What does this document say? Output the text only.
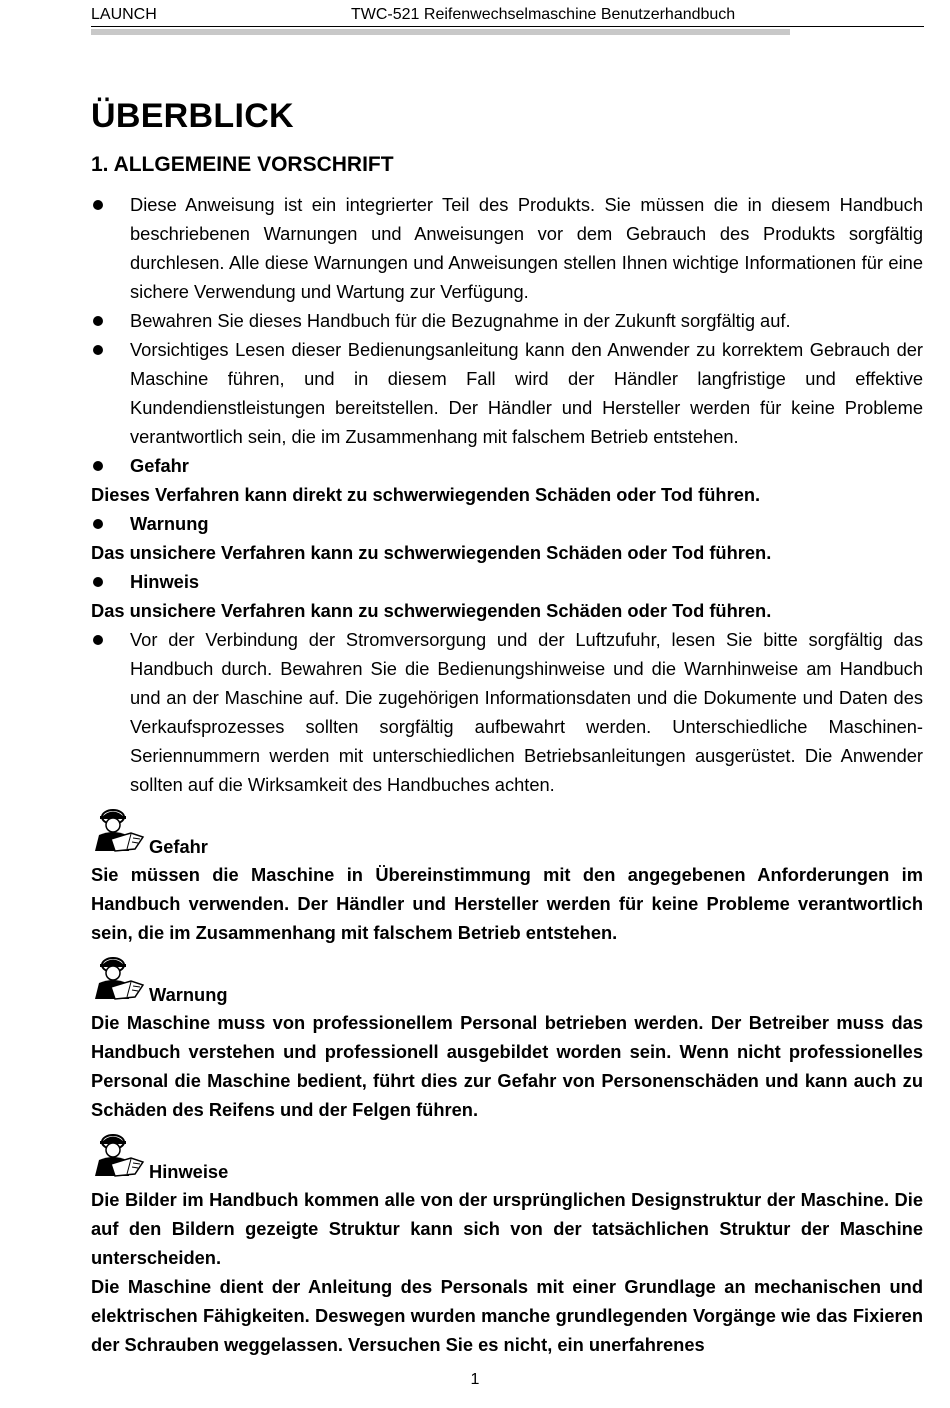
LAUNCH	TWC-521 Reifenwechselmaschine Benutzerhandbuch
ÜBERBLICK
1. ALLGEMEINE VORSCHRIFT
Diese Anweisung ist ein integrierter Teil des Produkts. Sie müssen die in diesem Handbuch beschriebenen Warnungen und Anweisungen vor dem Gebrauch des Produkts sorgfältig durchlesen. Alle diese Warnungen und Anweisungen stellen Ihnen wichtige Informationen für eine sichere Verwendung und Wartung zur Verfügung.
Bewahren Sie dieses Handbuch für die Bezugnahme in der Zukunft sorgfältig auf.
Vorsichtiges Lesen dieser Bedienungsanleitung kann den Anwender zu korrektem Gebrauch der Maschine führen, und in diesem Fall wird der Händler langfristige und effektive Kundendienstleistungen bereitstellen. Der Händler und Hersteller werden für keine Probleme verantwortlich sein, die im Zusammenhang mit falschem Betrieb entstehen.
Gefahr
Dieses Verfahren kann direkt zu schwerwiegenden Schäden oder Tod führen.
Warnung
Das unsichere Verfahren kann zu schwerwiegenden Schäden oder Tod führen.
Hinweis
Das unsichere Verfahren kann zu schwerwiegenden Schäden oder Tod führen.
Vor der Verbindung der Stromversorgung und der Luftzufuhr, lesen Sie bitte sorgfältig das Handbuch durch. Bewahren Sie die Bedienungshinweise und die Warnhinweise am Handbuch und an der Maschine auf. Die zugehörigen Informationsdaten und die Dokumente und Daten des Verkaufsprozesses sollten sorgfältig aufbewahrt werden. Unterschiedliche Maschinen-Seriennummern werden mit unterschiedlichen Betriebsanleitungen ausgerüstet. Die Anwender sollten auf die Wirksamkeit des Handbuches achten.
Gefahr
Sie müssen die Maschine in Übereinstimmung mit den angegebenen Anforderungen im Handbuch verwenden. Der Händler und Hersteller werden für keine Probleme verantwortlich sein, die im Zusammenhang mit falschem Betrieb entstehen.
Warnung
Die Maschine muss von professionellem Personal betrieben werden. Der Betreiber muss das Handbuch verstehen und professionell ausgebildet worden sein. Wenn nicht professionelles Personal die Maschine bedient, führt dies zur Gefahr von Personenschäden und kann auch zu Schäden des Reifens und der Felgen führen.
Hinweise
Die Bilder im Handbuch kommen alle von der ursprünglichen Designstruktur der Maschine. Die auf den Bildern gezeigte Struktur kann sich von der tatsächlichen Struktur der Maschine unterscheiden.
Die Maschine dient der Anleitung des Personals mit einer Grundlage an mechanischen und elektrischen Fähigkeiten. Deswegen wurden manche grundlegenden Vorgänge wie das Fixieren der Schrauben weggelassen. Versuchen Sie es nicht, ein unerfahrenes
1
